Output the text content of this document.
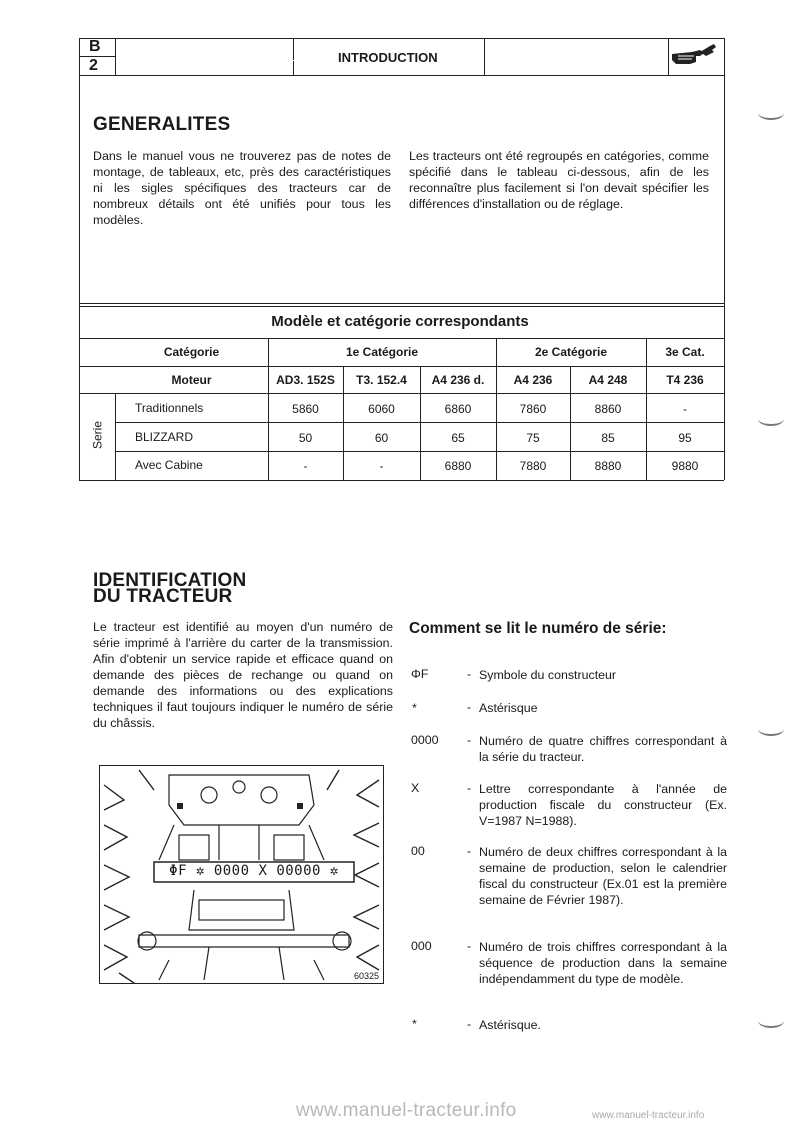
B
2	INTRODUCTION
GENERALITES

Dans le manuel vous ne trouverez pas de notes de montage, de tableaux, etc, près des caractéristiques ni les sigles spécifiques des tracteurs car de nombreux détails ont été unifiés pour tous les modèles.

Les tracteurs ont été regroupés en catégories, comme spécifié dans le tableau ci-dessous, afin de les reconnaître plus facilement si l'on devait spécifier les différences d'installation ou de réglage.

Modèle et catégorie correspondants
Catégorie	1e Catégorie	2e Catégorie	3e Cat.
Moteur	AD3. 152S	T3. 152.4	A4 236 d.	A4 236	A4 248	T4 236
Serie
Traditionnels	5860	6060	6860	7860	8860	-
BLIZZARD	50	60	65	75	85	95
Avec Cabine	-	-	6880	7880	8880	9880
IDENTIFICATION
DU TRACTEUR

Le tracteur est identifié au moyen d'un numéro de série imprimé à l'arrière du carter de la transmission. Afin d'obtenir un service rapide et efficace quand on demande des pièces de rechange ou quand on demande des informations ou des explications techniques il faut toujours indiquer le numéro de série du châssis.

ΦF ✲ 0000 X 00000 ✲
60325
Comment se lit le numéro de série:
ΦF	- Symbole du constructeur
*	- Astérisque
0000 - Numéro de quatre chiffres correspondant à la série du tracteur.
X	- Lettre correspondante à l'année de production fiscale du constructeur (Ex. V=1987 N=1988).
00	- Numéro de deux chiffres correspondant à la semaine de production, selon le calendrier fiscal du constructeur (Ex.01 est la première semaine de Février 1987).
000	- Numéro de trois chiffres correspondant à la séquence de production dans la semaine indépendamment du type de modèle.
*	- Astérisque.
www.manuel-tracteur.info	www.manuel-tracteur.info
